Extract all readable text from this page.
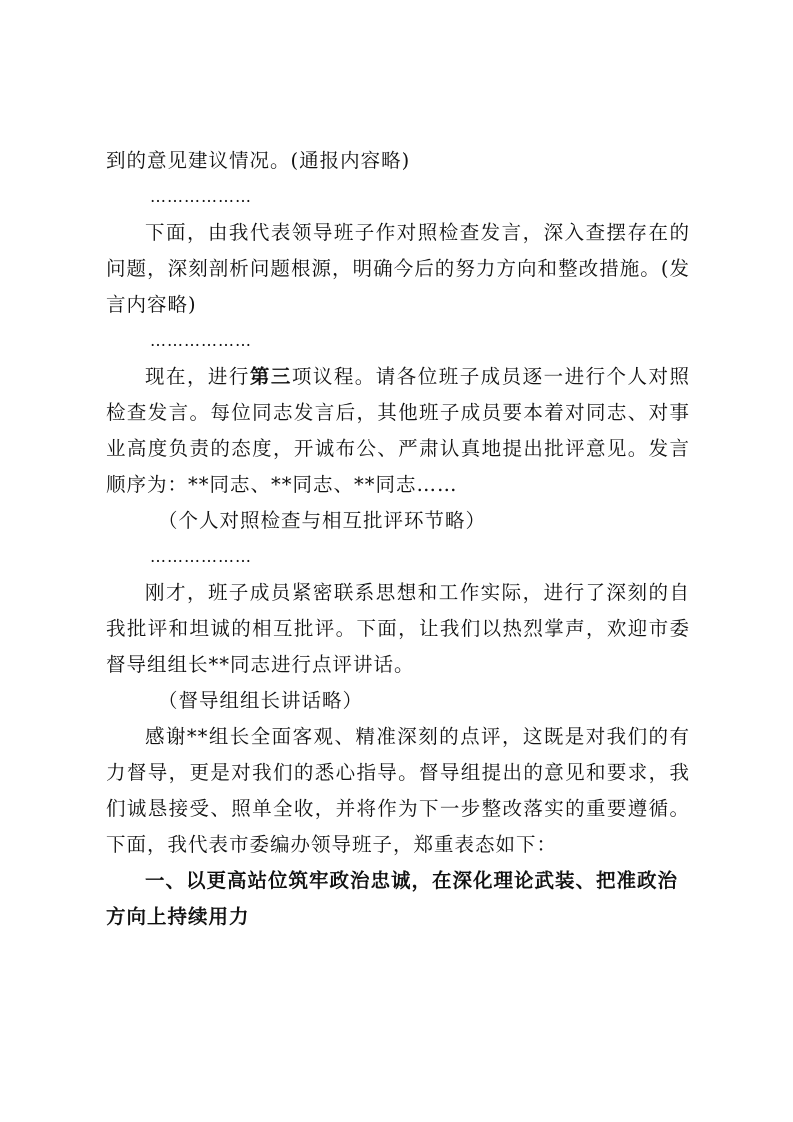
到的意见建议情况。(通报内容略)

………………

下面，由我代表领导班子作对照检查发言，深入查摆存在的问题，深刻剖析问题根源，明确今后的努力方向和整改措施。(发言内容略)

………………

现在，进行第三项议程。请各位班子成员逐一进行个人对照检查发言。每位同志发言后，其他班子成员要本着对同志、对事业高度负责的态度，开诚布公、严肃认真地提出批评意见。发言顺序为：**同志、**同志、**同志……

（个人对照检查与相互批评环节略）

………………

刚才，班子成员紧密联系思想和工作实际，进行了深刻的自我批评和坦诚的相互批评。下面，让我们以热烈掌声，欢迎市委督导组组长**同志进行点评讲话。

（督导组组长讲话略）

感谢**组长全面客观、精准深刻的点评，这既是对我们的有力督导，更是对我们的悉心指导。督导组提出的意见和要求，我们诚恳接受、照单全收，并将作为下一步整改落实的重要遵循。下面，我代表市委编办领导班子，郑重表态如下：

一、以更高站位筑牢政治忠诚，在深化理论武装、把准政治方向上持续用力
